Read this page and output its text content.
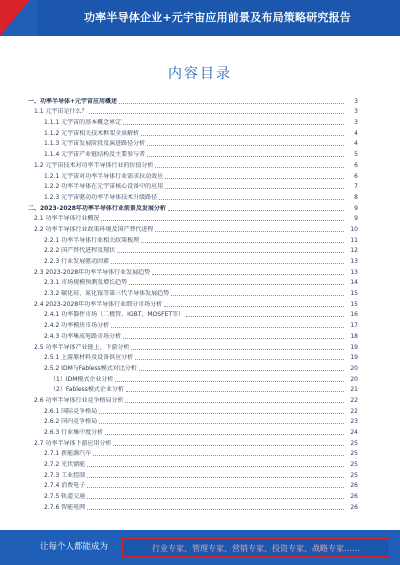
功率半导体企业+元宇宙应用前景及布局策略研究报告
内容目录
一、功率半导体+元宇宙应用概述	3
1.1 元宇宙是什么？	3
1.1.1 元宇宙的基本概念界定	3
1.1.2 元宇宙相关技术框架全景解析	4
1.1.3 元宇宙发展阶段及演进路径分析	4
1.1.4 元宇宙产业链结构及主要参与者	5
1.2 元宇宙技术对功率半导体行业的价值分析	6
1.2.1 元宇宙对功率半导体行业需求拉动效应	6
1.2.2 功率半导体在元宇宙核心设备中的应用	7
1.2.3 元宇宙驱动功率半导体技术升级路径	8
二、2023-2028年功率半导体行业前景及发展分析	9
2.1 功率半导体行业概况	9
2.2 功率半导体行业政策环境及国产替代进程	10
2.2.1 功率半导体行业相关政策梳理	11
2.2.2 国产替代进程及现状	12
2.2.3 行业发展驱动因素	13
2.3 2023-2028年功率半导体行业发展趋势	13
2.3.1 市场规模预测及增长趋势	14
2.3.2 碳化硅、氮化镓等第三代半导体发展趋势	15
2.4 2023-2028年功率半导体行业细分市场分析	15
2.4.1 功率器件市场（二极管、IGBT、MOSFET等）	16
2.4.2 功率模块市场分析	17
2.4.3 功率集成电路市场分析	18
2.5 功率半导体产业链上、下游分析	19
2.5.1 上游原材料及设备供应分析	19
2.5.2 IDM与Fabless模式对比分析	20
（1）IDM模式企业分析	20
（2）Fabless模式企业分析	21
2.6 功率半导体行业竞争格局分析	22
2.6.1 国际竞争格局	22
2.6.2 国内竞争格局	23
2.6.3 行业集中度分析	24
2.7 功率半导体下游应用分析	25
2.7.1 新能源汽车	25
2.7.2 光伏储能	25
2.7.3 工业控制	25
2.7.4 消费电子	26
2.7.5 轨道交通	26
2.7.6 智能电网	26
让每个人都能成为	行业专家、管理专家、营销专家、投资专家、战略专家……
